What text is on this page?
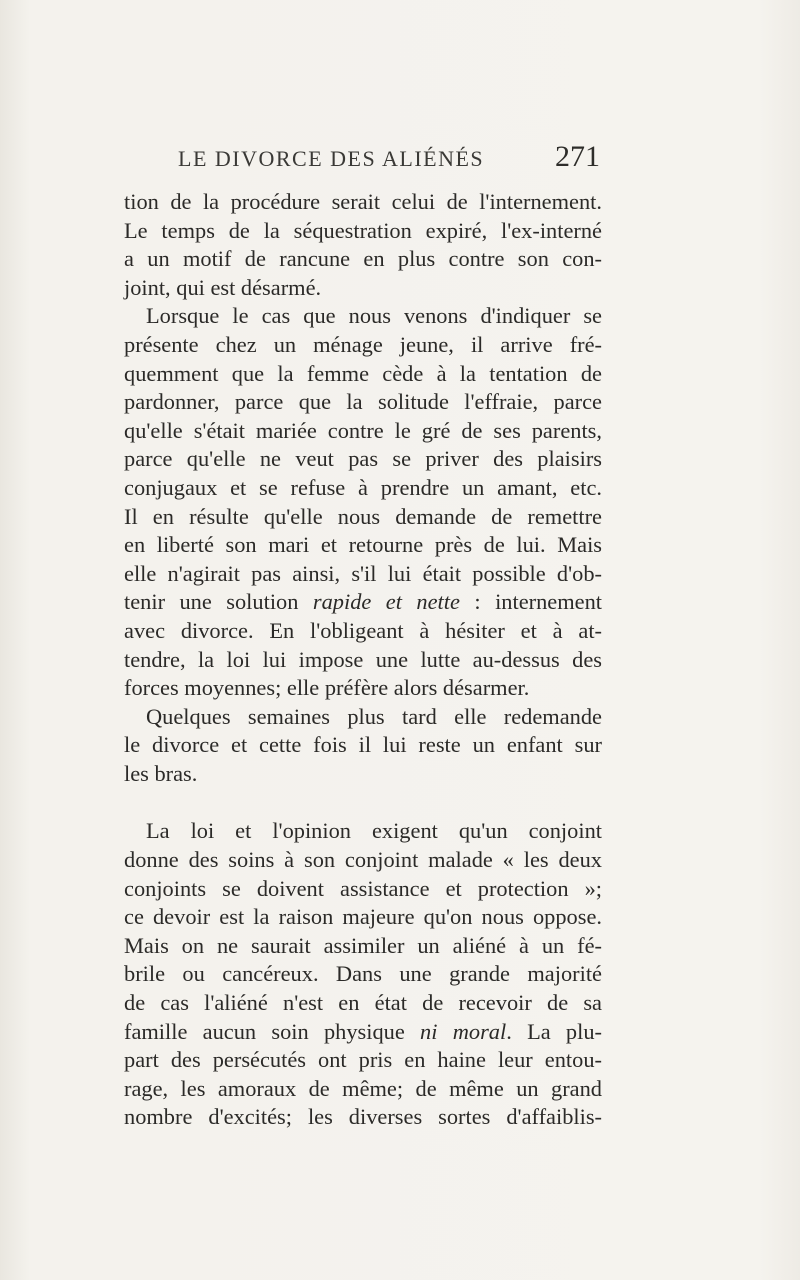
LE DIVORCE DES ALIÉNÉS 271
tion de la procédure serait celui de l'internement.
Le temps de la séquestration expiré, l'ex-interné
a un motif de rancune en plus contre son con-
joint, qui est désarmé.
Lorsque le cas que nous venons d'indiquer se
présente chez un ménage jeune, il arrive fré-
quemment que la femme cède à la tentation de
pardonner, parce que la solitude l'effraie, parce
qu'elle s'était mariée contre le gré de ses parents,
parce qu'elle ne veut pas se priver des plaisirs
conjugaux et se refuse à prendre un amant, etc.
Il en résulte qu'elle nous demande de remettre
en liberté son mari et retourne près de lui. Mais
elle n'agirait pas ainsi, s'il lui était possible d'ob-
tenir une solution rapide et nette : internement
avec divorce. En l'obligeant à hésiter et à at-
tendre, la loi lui impose une lutte au-dessus des
forces moyennes; elle préfère alors désarmer.
Quelques semaines plus tard elle redemande
le divorce et cette fois il lui reste un enfant sur
les bras.
La loi et l'opinion exigent qu'un conjoint
donne des soins à son conjoint malade « les deux
conjoints se doivent assistance et protection »;
ce devoir est la raison majeure qu'on nous oppose.
Mais on ne saurait assimiler un aliéné à un fé-
brile ou cancéreux. Dans une grande majorité
de cas l'aliéné n'est en état de recevoir de sa
famille aucun soin physique ni moral. La plu-
part des persécutés ont pris en haine leur entou-
rage, les amoraux de même; de même un grand
nombre d'excités; les diverses sortes d'affaiblis-
